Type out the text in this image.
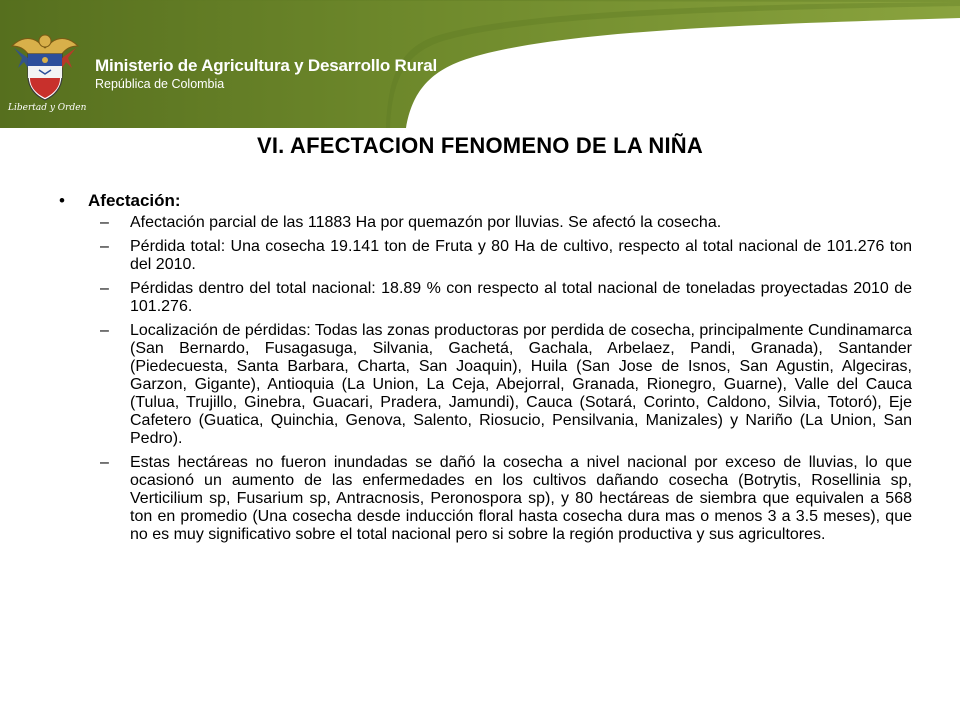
Libertad y Orden
Ministerio de Agricultura y Desarrollo Rural
República de Colombia
VI. AFECTACION FENOMENO DE LA NIÑA
• Afectación:
– Afectación parcial de las 11883 Ha por quemazón por lluvias. Se afectó la cosecha.
– Pérdida total: Una cosecha 19.141 ton de Fruta y 80 Ha de cultivo, respecto al total nacional de 101.276 ton del 2010.
– Pérdidas dentro del total nacional: 18.89 % con respecto al total nacional de toneladas proyectadas 2010 de 101.276.
– Localización de pérdidas: Todas las zonas productoras por perdida de cosecha, principalmente Cundinamarca (San Bernardo, Fusagasuga, Silvania, Gachetá, Gachala, Arbelaez, Pandi, Granada), Santander (Piedecuesta, Santa Barbara, Charta, San Joaquin), Huila (San Jose de Isnos, San Agustin, Algeciras, Garzon, Gigante), Antioquia (La Union, La Ceja, Abejorral, Granada, Rionegro, Guarne), Valle del Cauca (Tulua, Trujillo, Ginebra, Guacari, Pradera, Jamundi), Cauca (Sotará, Corinto, Caldono, Silvia, Totoró), Eje Cafetero (Guatica, Quinchia, Genova, Salento, Riosucio, Pensilvania, Manizales) y Nariño (La Union, San Pedro).
– Estas hectáreas no fueron inundadas se dañó la cosecha a nivel nacional por exceso de lluvias, lo que ocasionó un aumento de las enfermedades en los cultivos dañando cosecha (Botrytis, Rosellinia sp, Verticilium sp, Fusarium sp, Antracnosis, Peronospora sp), y 80 hectáreas de siembra que equivalen a 568 ton en promedio (Una cosecha desde inducción floral hasta cosecha dura mas o menos 3 a 3.5 meses), que no es muy significativo sobre el total nacional pero si sobre la región productiva y sus agricultores.
